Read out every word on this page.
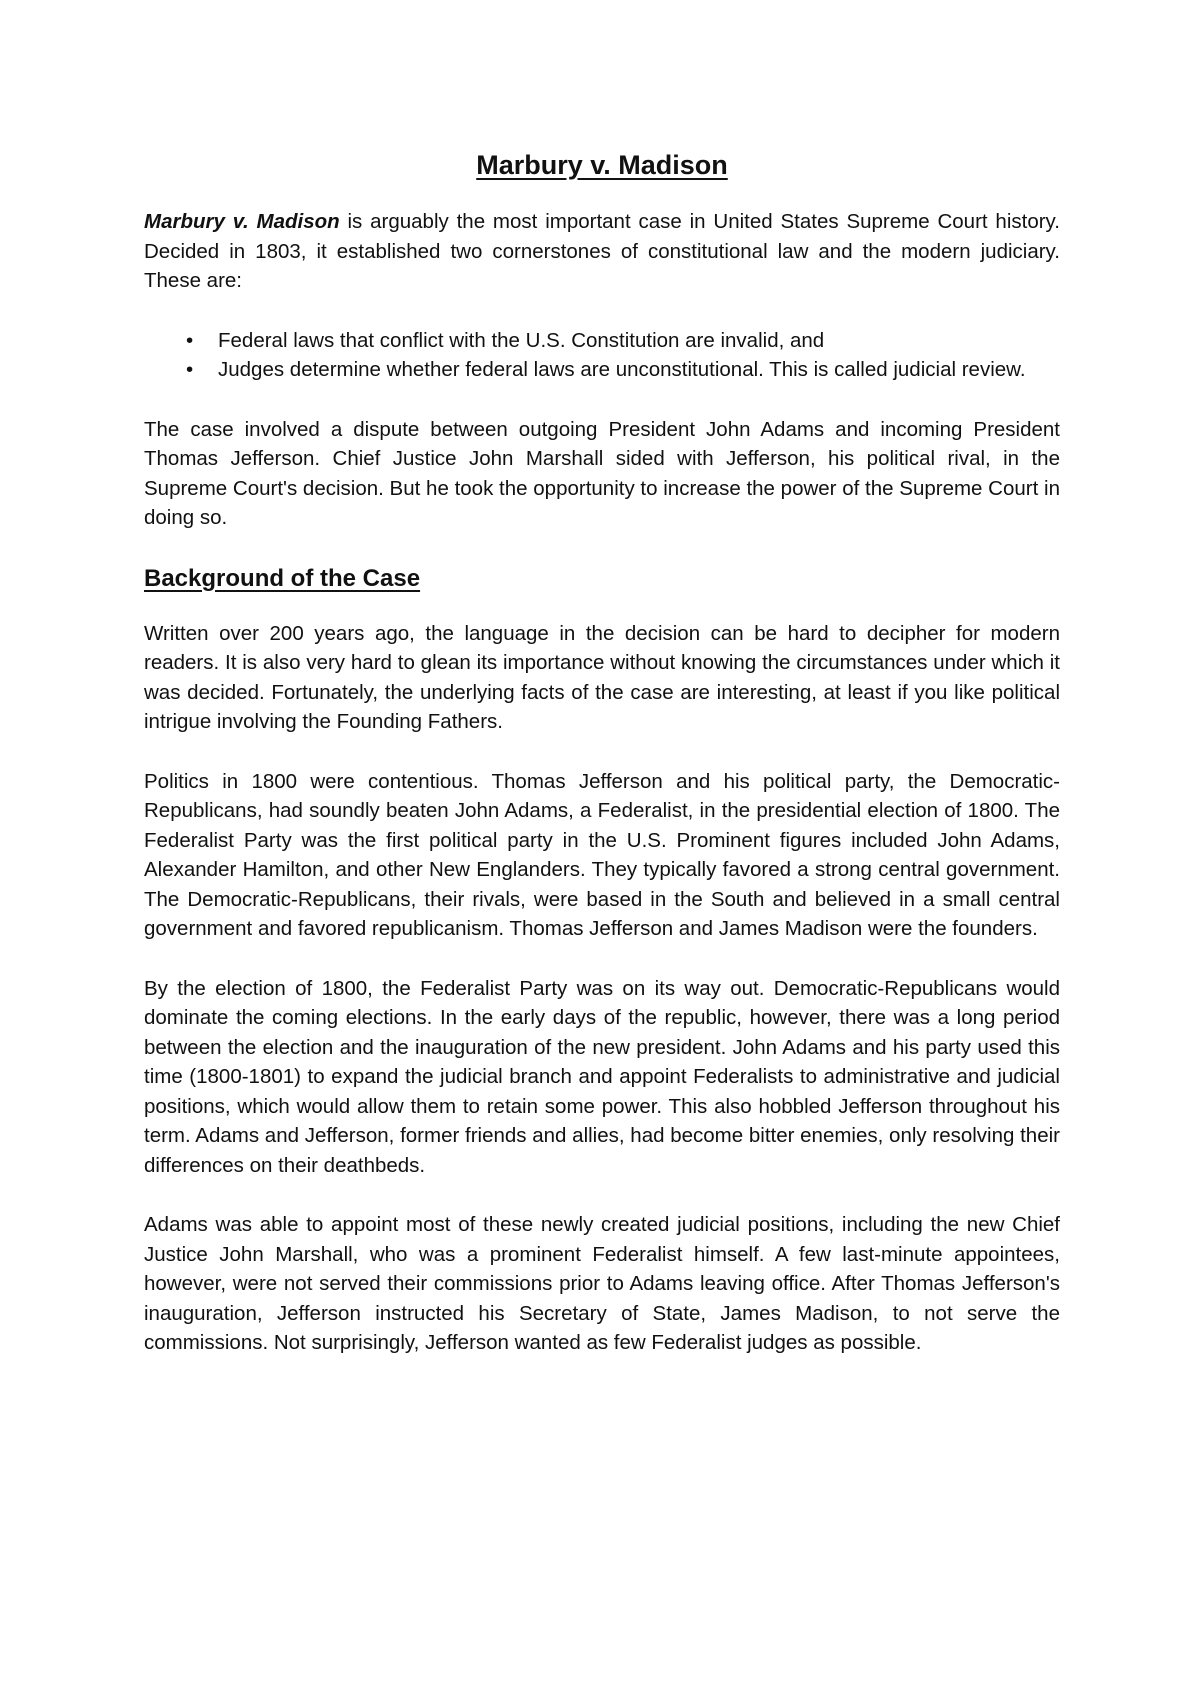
Marbury v. Madison

Marbury v. Madison is arguably the most important case in United States Supreme Court history. Decided in 1803, it established two cornerstones of constitutional law and the modern judiciary. These are:

• Federal laws that conflict with the U.S. Constitution are invalid, and
• Judges determine whether federal laws are unconstitutional. This is called judicial review.

The case involved a dispute between outgoing President John Adams and incoming President Thomas Jefferson. Chief Justice John Marshall sided with Jefferson, his political rival, in the Supreme Court's decision. But he took the opportunity to increase the power of the Supreme Court in doing so.

Background of the Case

Written over 200 years ago, the language in the decision can be hard to decipher for modern readers. It is also very hard to glean its importance without knowing the circumstances under which it was decided. Fortunately, the underlying facts of the case are interesting, at least if you like political intrigue involving the Founding Fathers.

Politics in 1800 were contentious. Thomas Jefferson and his political party, the Democratic-Republicans, had soundly beaten John Adams, a Federalist, in the presidential election of 1800. The Federalist Party was the first political party in the U.S. Prominent figures included John Adams, Alexander Hamilton, and other New Englanders. They typically favored a strong central government. The Democratic-Republicans, their rivals, were based in the South and believed in a small central government and favored republicanism. Thomas Jefferson and James Madison were the founders.

By the election of 1800, the Federalist Party was on its way out. Democratic-Republicans would dominate the coming elections. In the early days of the republic, however, there was a long period between the election and the inauguration of the new president. John Adams and his party used this time (1800-1801) to expand the judicial branch and appoint Federalists to administrative and judicial positions, which would allow them to retain some power. This also hobbled Jefferson throughout his term. Adams and Jefferson, former friends and allies, had become bitter enemies, only resolving their differences on their deathbeds.

Adams was able to appoint most of these newly created judicial positions, including the new Chief Justice John Marshall, who was a prominent Federalist himself. A few last-minute appointees, however, were not served their commissions prior to Adams leaving office. After Thomas Jefferson's inauguration, Jefferson instructed his Secretary of State, James Madison, to not serve the commissions. Not surprisingly, Jefferson wanted as few Federalist judges as possible.
